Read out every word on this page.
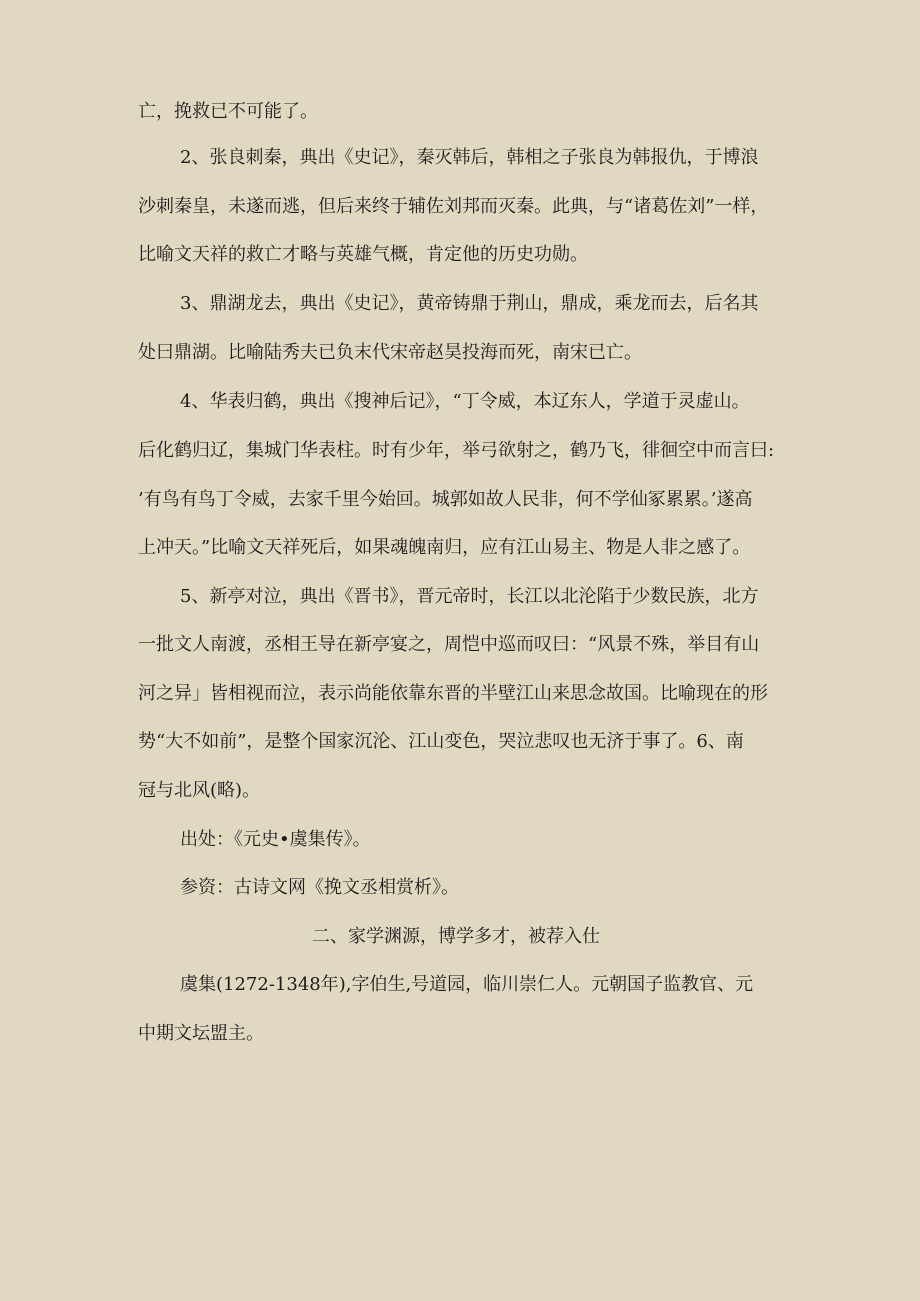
亡，挽救已不可能了。
2、张良刺秦，典出《史记》，秦灭韩后，韩相之子张良为韩报仇，于博浪
沙刺秦皇，未遂而逃，但后来终于辅佐刘邦而灭秦。此典，与“诸葛佐刘”一样，
比喻文天祥的救亡才略与英雄气概，肯定他的历史功勋。
3、鼎湖龙去，典出《史记》，黄帝铸鼎于荆山，鼎成，乘龙而去，后名其
处曰鼎湖。比喻陆秀夫已负末代宋帝赵昊投海而死，南宋已亡。
4、华表归鹤，典出《搜神后记》，“丁令威，本辽东人，学道于灵虚山。
后化鹤归辽，集城门华表柱。时有少年，举弓欲射之，鹤乃飞，徘徊空中而言曰:
’有鸟有鸟丁令威，去家千里今始回。城郭如故人民非，何不学仙冢累累。’遂高
上冲天。”比喻文天祥死后，如果魂魄南归，应有江山易主、物是人非之感了。
5、新亭对泣，典出《晋书》，晋元帝时，长江以北沦陷于少数民族，北方
一批文人南渡，丞相王导在新亭宴之，周恺中巡而叹曰：“风景不殊，举目有山
河之异」皆相视而泣，表示尚能依靠东晋的半壁江山来思念故国。比喻现在的形
势“大不如前”，是整个国家沉沦、江山变色，哭泣悲叹也无济于事了。6、南
冠与北风(略)。
出处：《元史•虞集传》。
参资：古诗文网《挽文丞相赏析》。
二、家学渊源，博学多才，被荐入仕
虞集(1272-1348年),字伯生,号道园，临川崇仁人。元朝国子监教官、元
中期文坛盟主。
